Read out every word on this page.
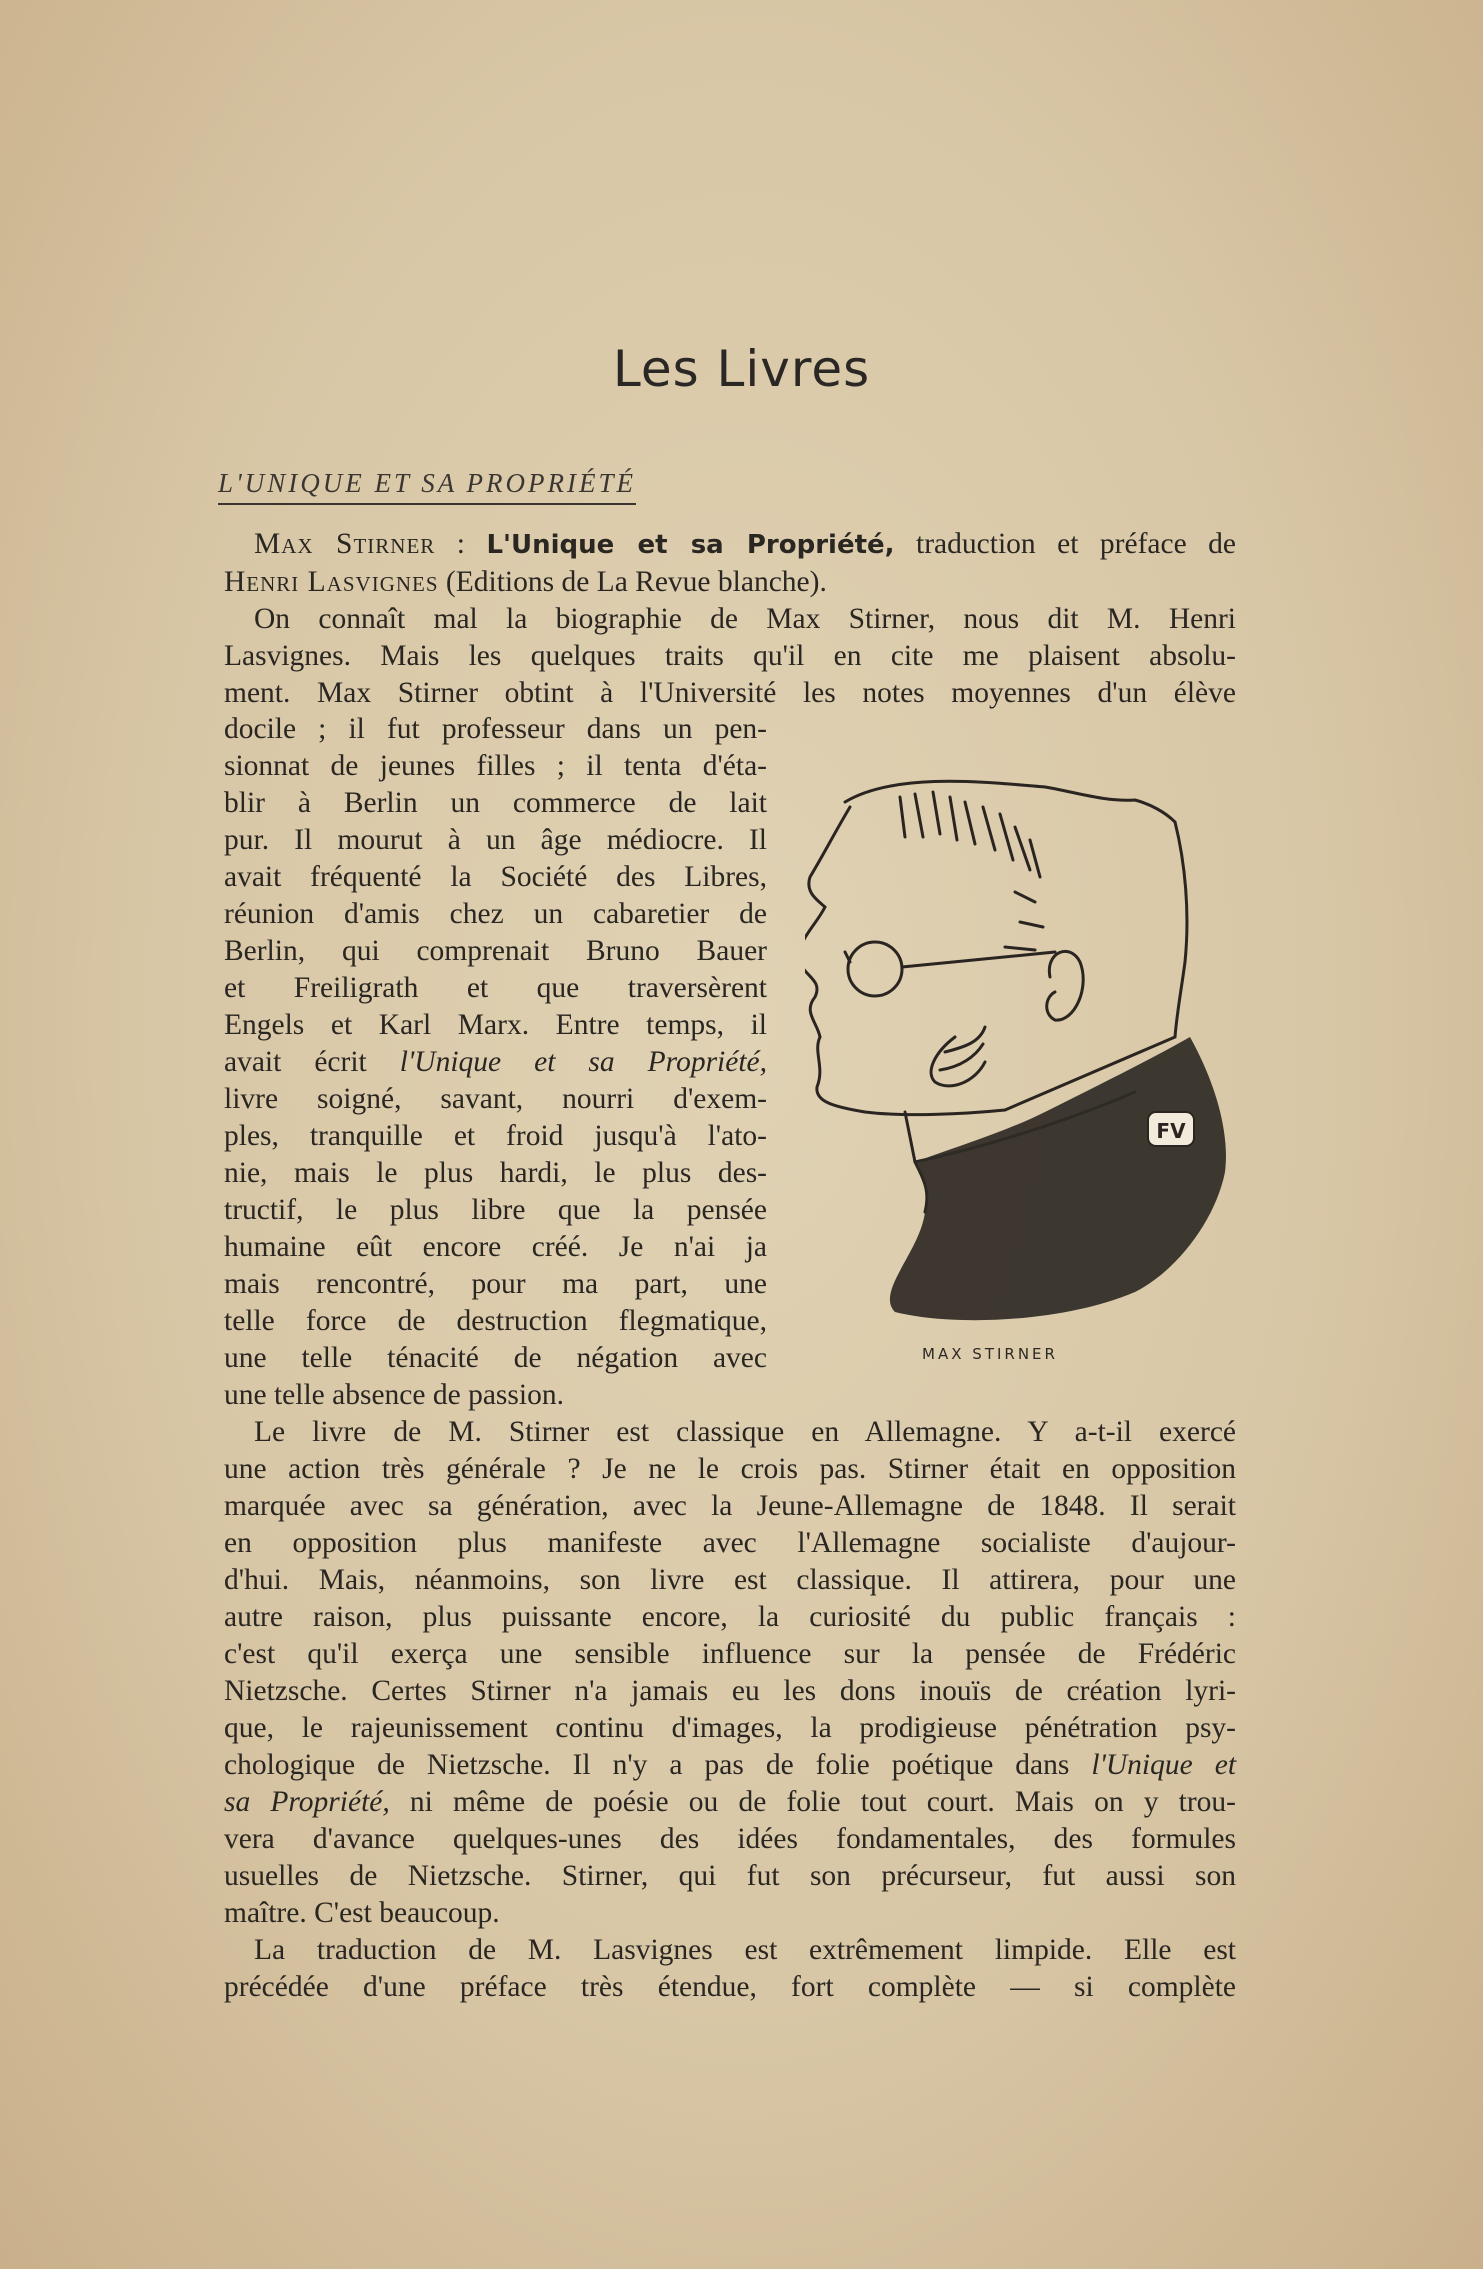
Les Livres
L'UNIQUE ET SA PROPRIÉTÉ
Max Stirner : L'Unique et sa Propriété, traduction et préface de
Henri Lasvignes (Editions de La Revue blanche).
On connaît mal la biographie de Max Stirner, nous dit M. Henri
Lasvignes. Mais les quelques traits qu'il en cite me plaisent absolu-
ment. Max Stirner obtint à l'Université les notes moyennes d'un élève
docile ; il fut professeur dans un pen-
sionnat de jeunes filles ; il tenta d'éta-
blir à Berlin un commerce de lait
pur. Il mourut à un âge médiocre. Il
avait fréquenté la Société des Libres,
réunion d'amis chez un cabaretier de
Berlin, qui comprenait Bruno Bauer
et Freiligrath et que traversèrent
Engels et Karl Marx. Entre temps, il
avait écrit l'Unique et sa Propriété,
livre soigné, savant, nourri d'exem-
ples, tranquille et froid jusqu'à l'ato-
nie, mais le plus hardi, le plus des-
tructif, le plus libre que la pensée
humaine eût encore créé. Je n'ai ja
mais rencontré, pour ma part, une
telle force de destruction flegmatique,
une telle ténacité de négation avec
une telle absence de passion.
FV
MAX STIRNER
Le livre de M. Stirner est classique en Allemagne. Y a-t-il exercé
une action très générale ? Je ne le crois pas. Stirner était en opposition
marquée avec sa génération, avec la Jeune-Allemagne de 1848. Il serait
en opposition plus manifeste avec l'Allemagne socialiste d'aujour-
d'hui. Mais, néanmoins, son livre est classique. Il attirera, pour une
autre raison, plus puissante encore, la curiosité du public français :
c'est qu'il exerça une sensible influence sur la pensée de Frédéric
Nietzsche. Certes Stirner n'a jamais eu les dons inouïs de création lyri-
que, le rajeunissement continu d'images, la prodigieuse pénétration psy-
chologique de Nietzsche. Il n'y a pas de folie poétique dans l'Unique et
sa Propriété, ni même de poésie ou de folie tout court. Mais on y trou-
vera d'avance quelques-unes des idées fondamentales, des formules
usuelles de Nietzsche. Stirner, qui fut son précurseur, fut aussi son
maître. C'est beaucoup.
La traduction de M. Lasvignes est extrêmement limpide. Elle est
précédée d'une préface très étendue, fort complète — si complète
